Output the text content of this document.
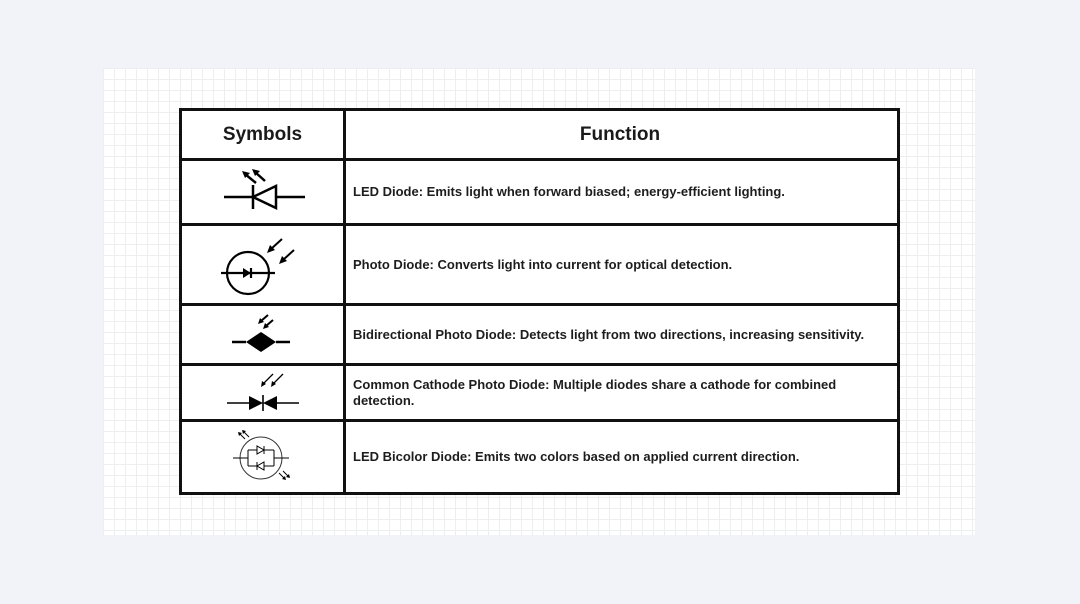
Symbols	Function
LED Diode: Emits light when forward biased; energy-efficient lighting.
Photo Diode: Converts light into current for optical detection.
Bidirectional Photo Diode: Detects light from two directions, increasing sensitivity.
Common Cathode Photo Diode: Multiple diodes share a cathode for combined detection.
LED Bicolor Diode: Emits two colors based on applied current direction.
